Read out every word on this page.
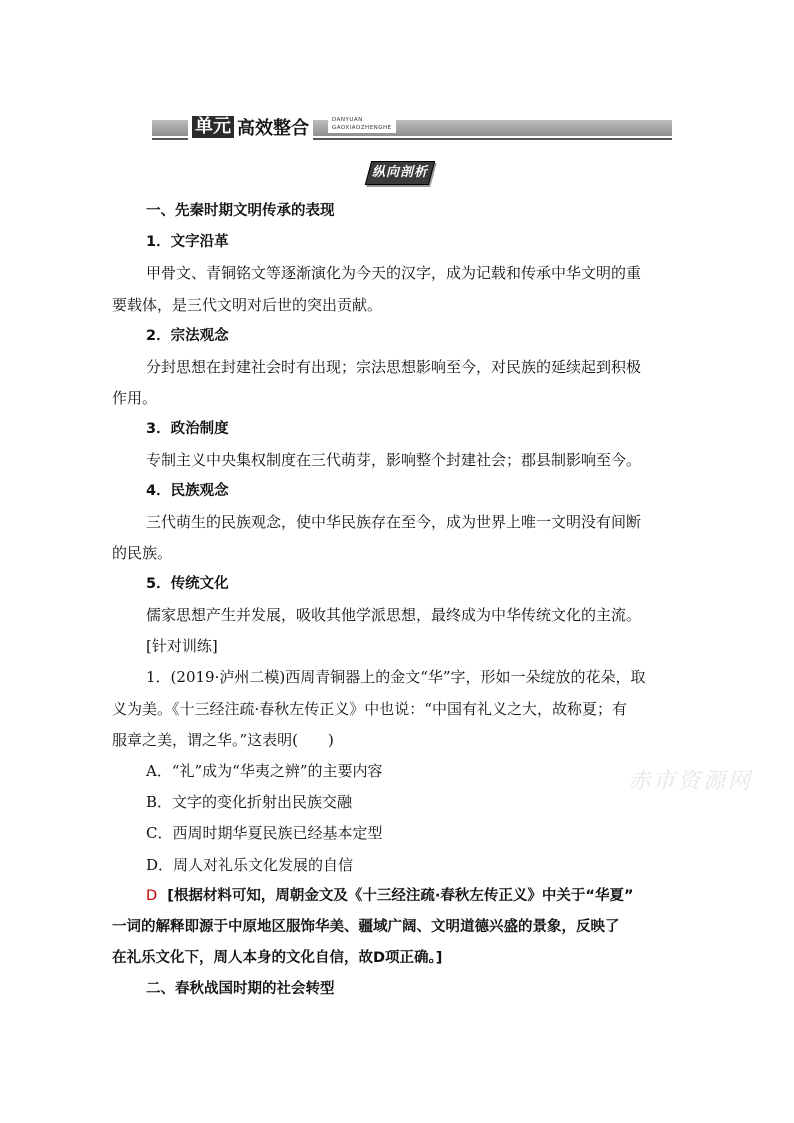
单元 高效整合	DANYUAN
GAOXIAOZHENGHE
纵向剖析
一、先秦时期文明传承的表现
1．文字沿革
甲骨文、青铜铭文等逐渐演化为今天的汉字，成为记载和传承中华文明的重
要载体，是三代文明对后世的突出贡献。
2．宗法观念
分封思想在封建社会时有出现；宗法思想影响至今，对民族的延续起到积极
作用。
3．政治制度
专制主义中央集权制度在三代萌芽，影响整个封建社会；郡县制影响至今。
4．民族观念
三代萌生的民族观念，使中华民族存在至今，成为世界上唯一文明没有间断
的民族。
5．传统文化
儒家思想产生并发展，吸收其他学派思想，最终成为中华传统文化的主流。
[针对训练]
1．(2019·泸州二模)西周青铜器上的金文“华”字，形如一朵绽放的花朵，取
义为美。《十三经注疏·春秋左传正义》中也说：“中国有礼义之大，故称夏；有
服章之美，谓之华。”这表明(　　)
A．“礼”成为“华夷之辨”的主要内容
B．文字的变化折射出民族交融
C．西周时期华夏民族已经基本定型
D．周人对礼乐文化发展的自信
D [根据材料可知，周朝金文及《十三经注疏·春秋左传正义》中关于“华夏”
一词的解释即源于中原地区服饰华美、疆域广阔、文明道德兴盛的景象，反映了
在礼乐文化下，周人本身的文化自信，故D项正确。]
二、春秋战国时期的社会转型
赤市资源网
